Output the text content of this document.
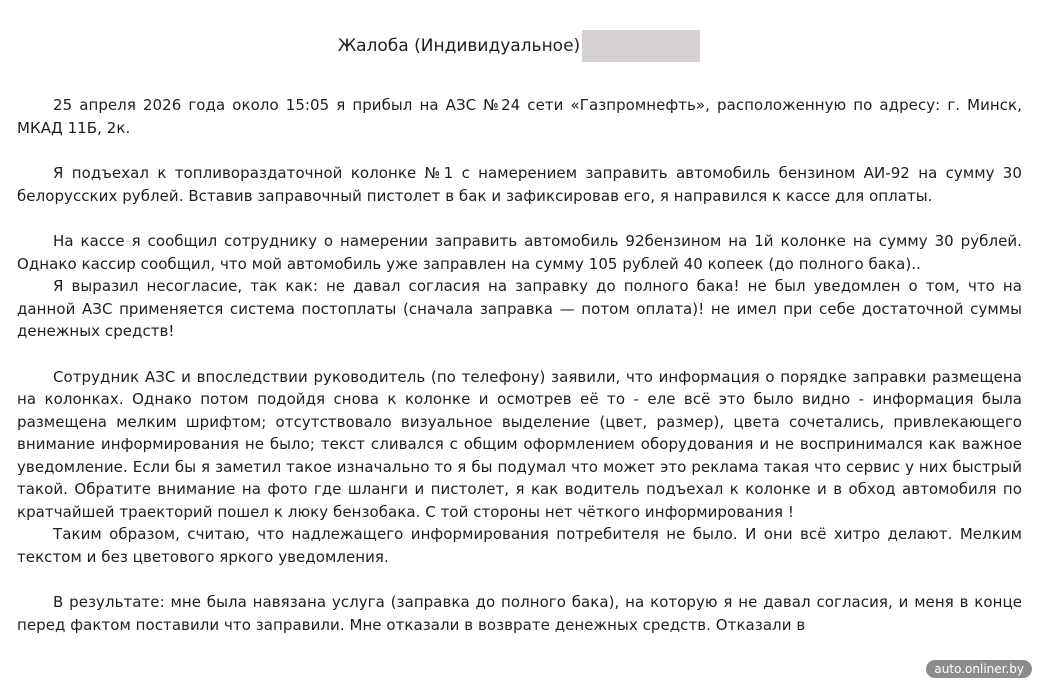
Жалоба (Индивидуальное)

25 апреля 2026 года около 15:05 я прибыл на АЗС №24 сети «Газпромнефть», расположенную по адресу: г. Минск, МКАД 11Б, 2к.

Я подъехал к топливораздаточной колонке №1 с намерением заправить автомобиль бензином АИ-92 на сумму 30 белорусских рублей. Вставив заправочный пистолет в бак и зафиксировав его, я направился к кассе для оплаты.

На кассе я сообщил сотруднику о намерении заправить автомобиль 92бензином на 1й колонке на сумму 30 рублей. Однако кассир сообщил, что мой автомобиль уже заправлен на сумму 105 рублей 40 копеек (до полного бака)..

Я выразил несогласие, так как: не давал согласия на заправку до полного бака! не был уведомлен о том, что на данной АЗС применяется система постоплаты (сначала заправка — потом оплата)! не имел при себе достаточной суммы денежных средств!

Сотрудник АЗС и впоследствии руководитель (по телефону) заявили, что информация о порядке заправки размещена на колонках. Однако потом подойдя снова к колонке и осмотрев её то - еле всё это было видно - информация была размещена мелким шрифтом; отсутствовало визуальное выделение (цвет, размер), цвета сочетались, привлекающего внимание информирования не было; текст сливался с общим оформлением оборудования и не воспринимался как важное уведомление. Если бы я заметил такое изначально то я бы подумал что может это реклама такая что сервис у них быстрый такой. Обратите внимание на фото где шланги и пистолет, я как водитель подъехал к колонке и в обход автомобиля по кратчайшей траекторий пошел к люку бензобака. С той стороны нет чёткого информирования !

Таким образом, считаю, что надлежащего информирования потребителя не было. И они всё хитро делают. Мелким текстом и без цветового яркого уведомления.

В результате: мне была навязана услуга (заправка до полного бака), на которую я не давал согласия, и меня в конце перед фактом поставили что заправили. Мне отказали в возврате денежных средств. Отказали в

auto.onliner.by
